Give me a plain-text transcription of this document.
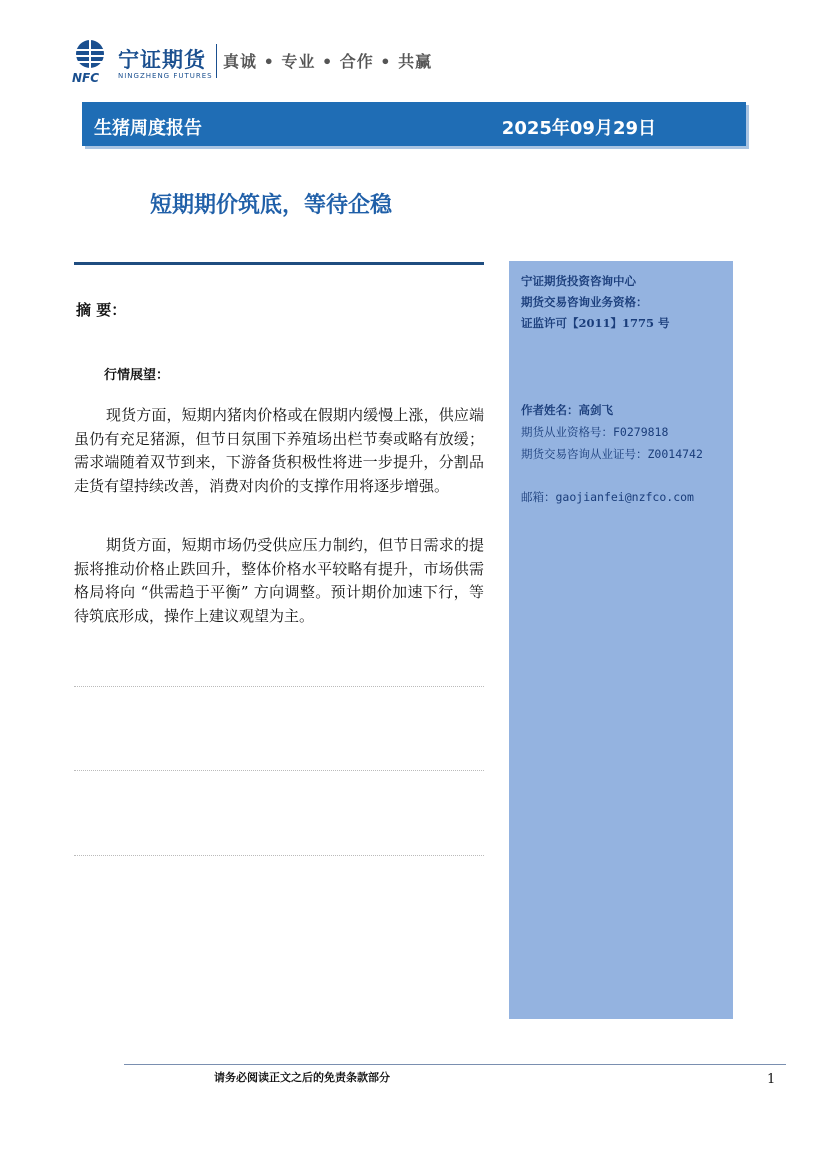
宁证期货
NFC	NINGZHENG FUTURES
真诚 • 专业 • 合作 • 共赢
生猪周度报告	2025年09月29日
短期期价筑底，等待企稳
摘 要：
行情展望：

现货方面，短期内猪肉价格或在假期内缓慢上涨，供应端虽仍有充足猪源，但节日氛围下养殖场出栏节奏或略有放缓；需求端随着双节到来，下游备货积极性将进一步提升，分割品走货有望持续改善，消费对肉价的支撑作用将逐步增强。

期货方面，短期市场仍受供应压力制约，但节日需求的提振将推动价格止跌回升，整体价格水平较略有提升，市场供需格局将向 “供需趋于平衡” 方向调整。预计期价加速下行，等待筑底形成，操作上建议观望为主。

宁证期货投资咨询中心
期货交易咨询业务资格：
证监许可【2011】1775 号
作者姓名：高剑飞
期货从业资格号：F0279818
期货交易咨询从业证号：Z0014742
邮箱：gaojianfei@nzfco.com
请务必阅读正文之后的免责条款部分	1
